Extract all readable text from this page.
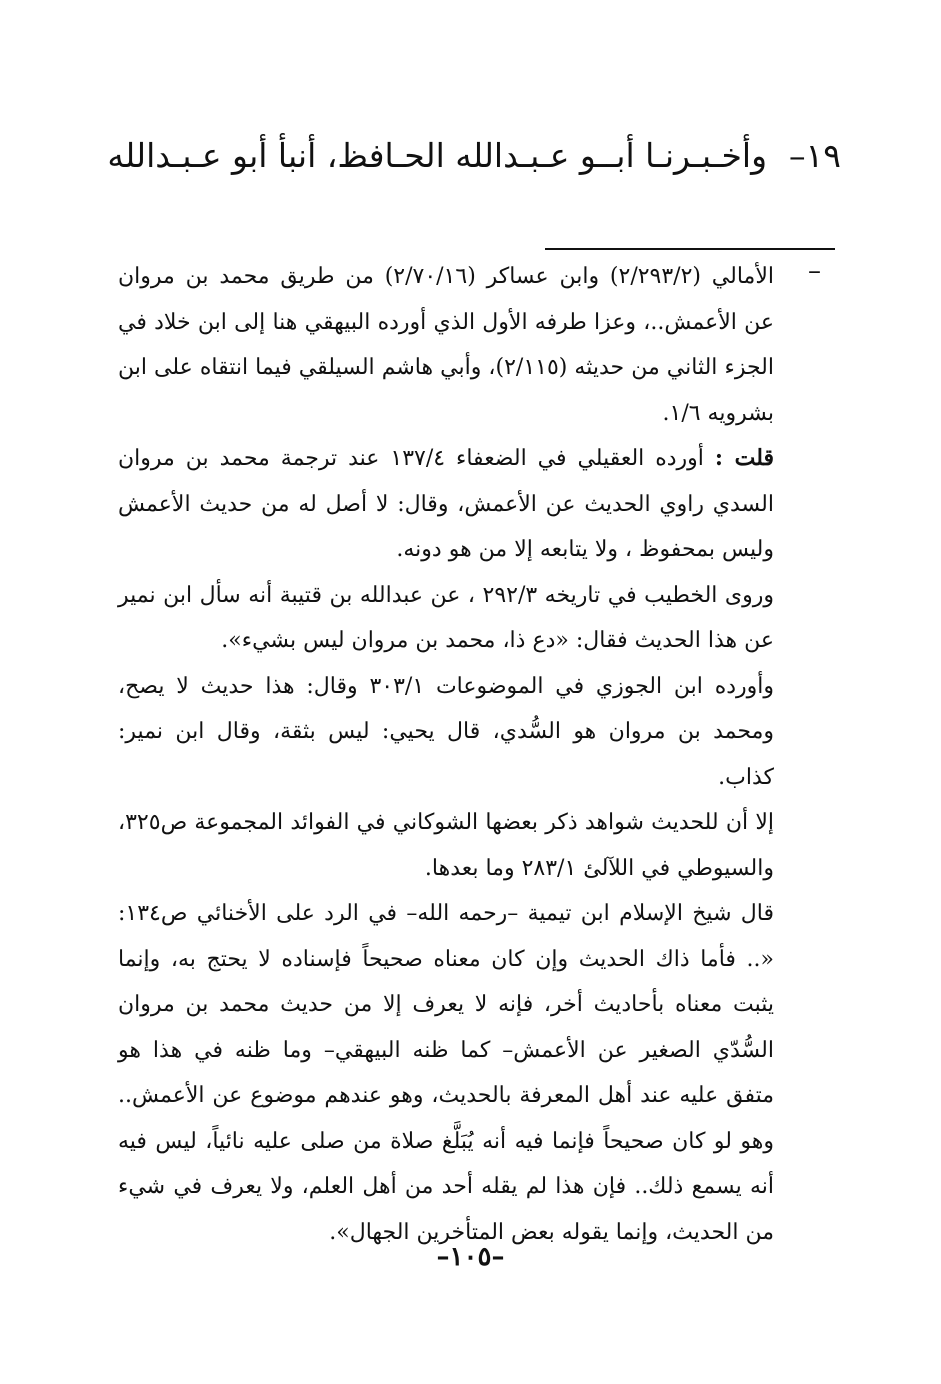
١٩–وأخـبـرنـا أبــو عـبـدالله الحـافظ، أنبأ أبو عـبـدالله
–

الأمالي (٢/٢٩٣/٢) وابن عساكر (٢/٧٠/١٦) من طريق محمد بن مروان عن الأعمش..، وعزا طرفه الأول الذي أورده البيهقي هنا إلى ابن خلاد في الجزء الثاني من حديثه (٢/١١٥)، وأبي هاشم السيلقي فيما انتقاه على ابن بشرويه ١/٦.

قلت : أورده العقيلي في الضعفاء ١٣٧/٤ عند ترجمة محمد بن مروان السدي راوي الحديث عن الأعمش، وقال: لا أصل له من حديث الأعمش وليس بمحفوظ ، ولا يتابعه إلا من هو دونه.

وروى الخطيب في تاريخه ٢٩٢/٣ ، عن عبدالله بن قتيبة أنه سأل ابن نمير عن هذا الحديث فقال: «دع ذا، محمد بن مروان ليس بشيء».

وأورده ابن الجوزي في الموضوعات ٣٠٣/١ وقال: هذا حديث لا يصح، ومحمد بن مروان هو السُّدي، قال يحيي: ليس بثقة، وقال ابن نمير: كذاب.

إلا أن للحديث شواهد ذكر بعضها الشوكاني في الفوائد المجموعة ص٣٢٥، والسيوطي في اللآلئ ٢٨٣/١ وما بعدها.

قال شيخ الإسلام ابن تيمية –رحمه الله– في الرد على الأخنائي ص١٣٤: «.. فأما ذاك الحديث وإن كان معناه صحيحاً فإسناده لا يحتج به، وإنما يثبت معناه بأحاديث أخر، فإنه لا يعرف إلا من حديث محمد بن مروان السُّدّي الصغير عن الأعمش– كما ظنه البيهقي– وما ظنه في هذا هو متفق عليه عند أهل المعرفة بالحديث، وهو عندهم موضوع عن الأعمش.. وهو لو كان صحيحاً فإنما فيه أنه يُبَلَّغ صلاة من صلى عليه نائياً، ليس فيه أنه يسمع ذلك.. فإن هذا لم يقله أحد من أهل العلم، ولا يعرف في شيء من الحديث، وإنما يقوله بعض المتأخرين الجهال».

–١٠٥–
